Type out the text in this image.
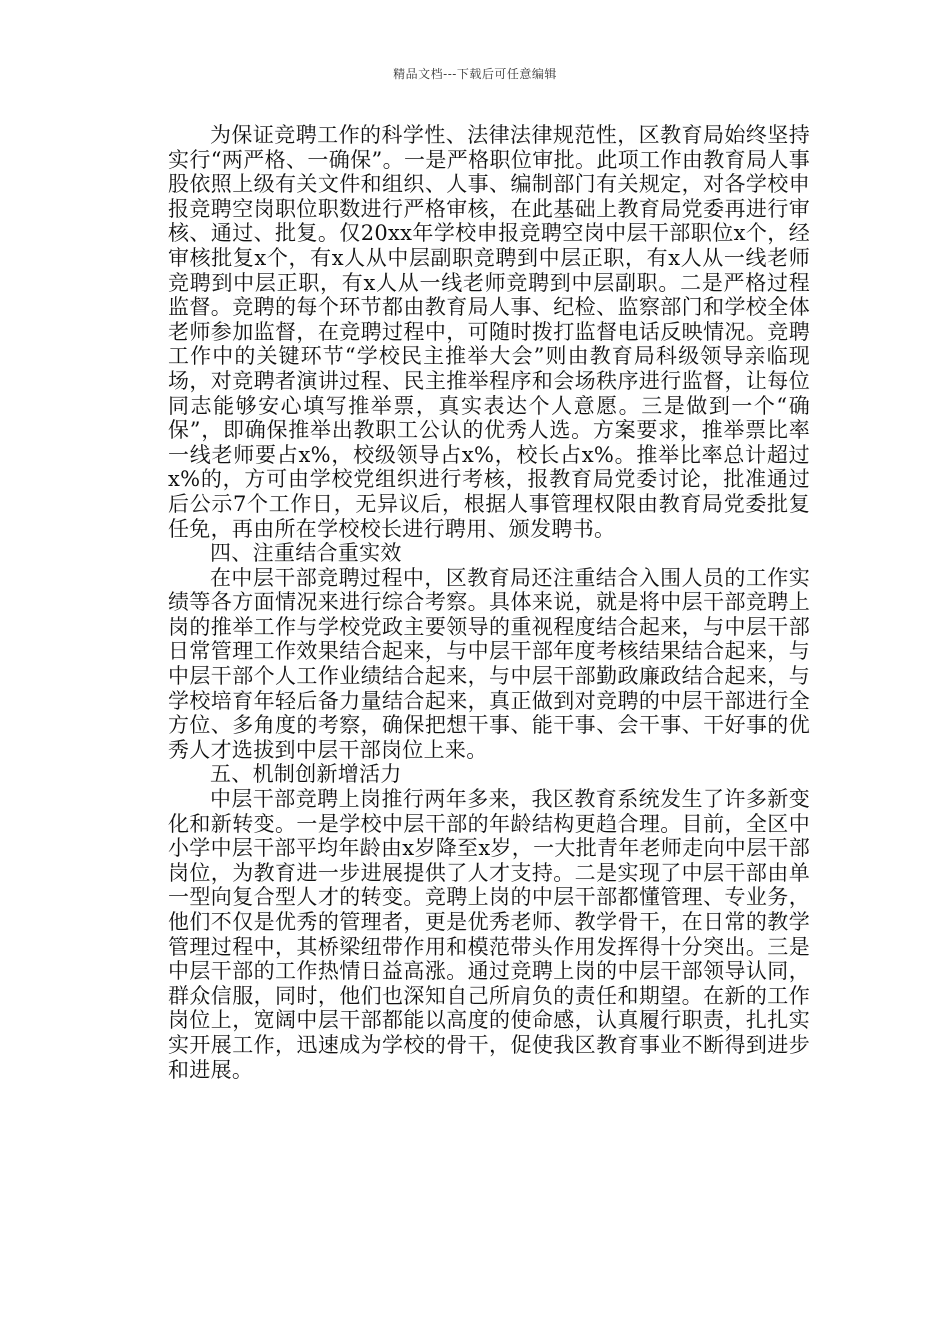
精品文档---下载后可任意编辑

为保证竞聘工作的科学性、法律法律规范性，区教育局始终坚持实行“两严格、一确保”。一是严格职位审批。此项工作由教育局人事股依照上级有关文件和组织、人事、编制部门有关规定，对各学校申报竞聘空岗职位职数进行严格审核，在此基础上教育局党委再进行审核、通过、批复。仅20xx年学校申报竞聘空岗中层干部职位x个，经审核批复x个，有x人从中层副职竞聘到中层正职，有x人从一线老师竞聘到中层正职，有x人从一线老师竞聘到中层副职。二是严格过程监督。竞聘的每个环节都由教育局人事、纪检、监察部门和学校全体老师参加监督，在竞聘过程中，可随时拨打监督电话反映情况。竞聘工作中的关键环节“学校民主推举大会”则由教育局科级领导亲临现场，对竞聘者演讲过程、民主推举程序和会场秩序进行监督，让每位同志能够安心填写推举票，真实表达个人意愿。三是做到一个“确保”，即确保推举出教职工公认的优秀人选。方案要求，推举票比率一线老师要占x%，校级领导占x%，校长占x%。推举比率总计超过x%的，方可由学校党组织进行考核，报教育局党委讨论，批准通过后公示7个工作日，无异议后，根据人事管理权限由教育局党委批复任免，再由所在学校校长进行聘用、颁发聘书。

四、注重结合重实效

在中层干部竞聘过程中，区教育局还注重结合入围人员的工作实绩等各方面情况来进行综合考察。具体来说，就是将中层干部竞聘上岗的推举工作与学校党政主要领导的重视程度结合起来，与中层干部日常管理工作效果结合起来，与中层干部年度考核结果结合起来，与中层干部个人工作业绩结合起来，与中层干部勤政廉政结合起来，与学校培育年轻后备力量结合起来，真正做到对竞聘的中层干部进行全方位、多角度的考察，确保把想干事、能干事、会干事、干好事的优秀人才选拔到中层干部岗位上来。

五、机制创新增活力

中层干部竞聘上岗推行两年多来，我区教育系统发生了许多新变化和新转变。一是学校中层干部的年龄结构更趋合理。目前，全区中小学中层干部平均年龄由x岁降至x岁，一大批青年老师走向中层干部岗位，为教育进一步进展提供了人才支持。二是实现了中层干部由单一型向复合型人才的转变。竞聘上岗的中层干部都懂管理、专业务，他们不仅是优秀的管理者，更是优秀老师、教学骨干，在日常的教学管理过程中，其桥梁纽带作用和模范带头作用发挥得十分突出。三是中层干部的工作热情日益高涨。通过竞聘上岗的中层干部领导认同，群众信服，同时，他们也深知自己所肩负的责任和期望。在新的工作岗位上，宽阔中层干部都能以高度的使命感，认真履行职责，扎扎实实开展工作，迅速成为学校的骨干，促使我区教育事业不断得到进步和进展。
